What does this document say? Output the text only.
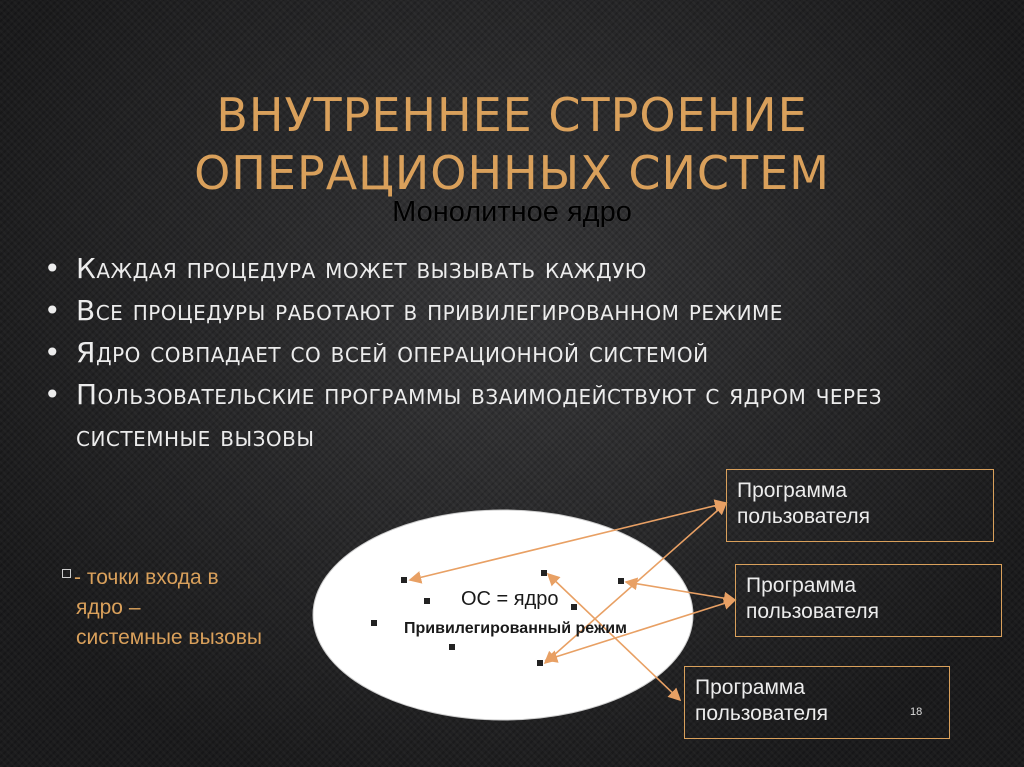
ВНУТРЕННЕЕ СТРОЕНИЕ
ОПЕРАЦИОННЫХ СИСТЕМ
Монолитное ядро
• Каждая процедура может вызывать каждую
• Все процедуры работают в привилегированном режиме
• Ядро совпадает со всей операционной системой
• Пользовательские программы взаимодействуют с ядром через системные вызовы
ОС = ядро
Привилегированный режим
Программа
пользователя
Программа
пользователя
Программа
пользователя
- точки входа в
ядро –
системные вызовы
18
